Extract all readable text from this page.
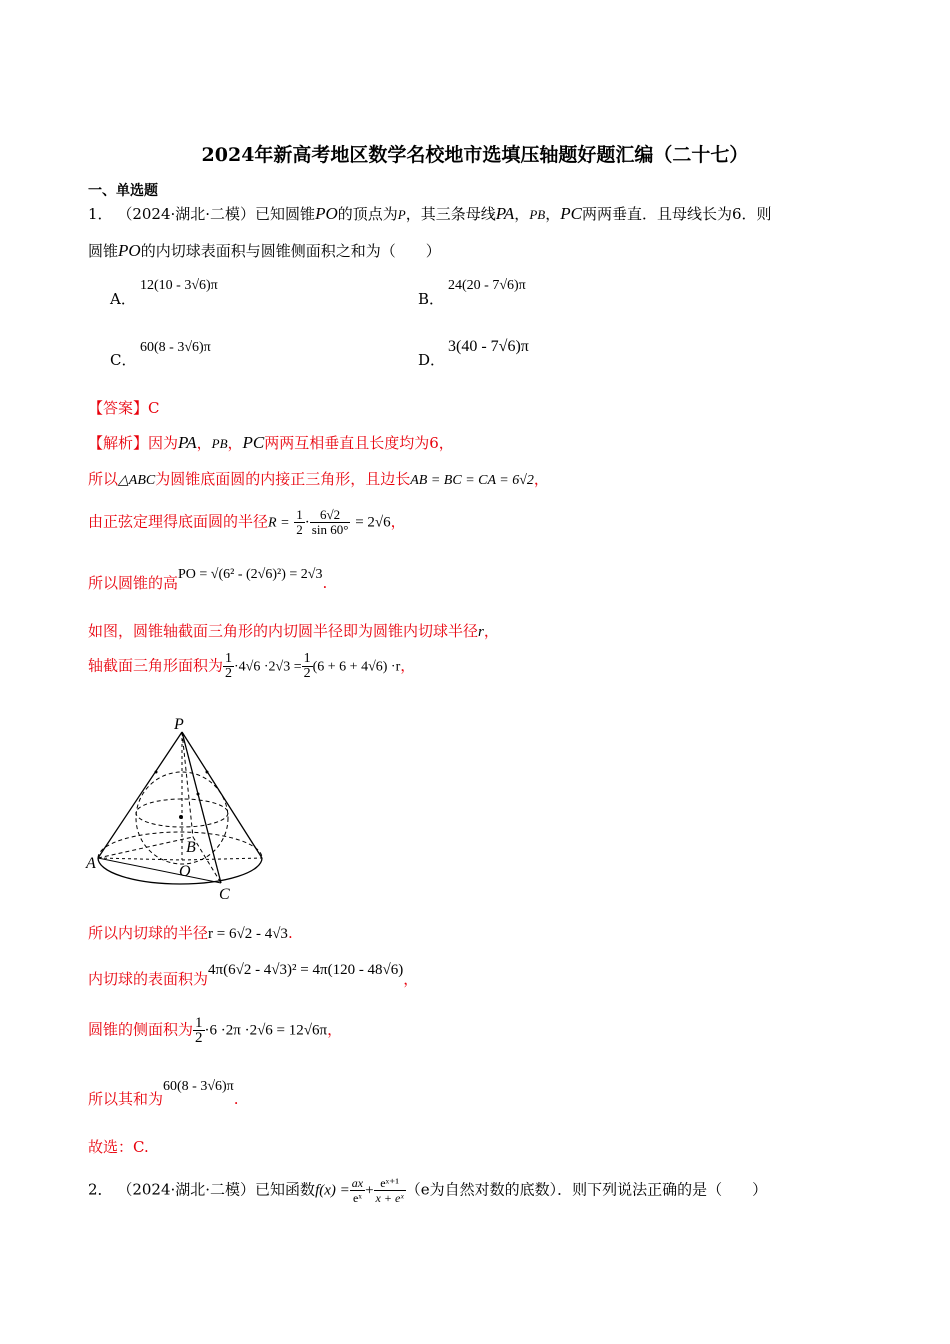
2024年新高考地区数学名校地市选填压轴题好题汇编（二十七）
一、单选题
1． （2024·湖北·二模）已知圆锥PO的顶点为P，其三条母线PA，PB，PC两两垂直．且母线长为6．则
圆锥PO的内切球表面积与圆锥侧面积之和为（　　）
A．
12(10 - 3√6)π
B．
24(20 - 7√6)π
C．
60(8 - 3√6)π
D．
3(40 - 7√6)π
【答案】C
【解析】因为PA，PB，PC两两互相垂直且长度均为6，
所以△ABC为圆锥底面圆的内接正三角形，且边长AB = BC = CA = 6√2，
由正弦定理得底面圆的半径$R = \frac{1}{2} \cdot \frac{6√2}{\sin 60^\circ} = 2√6$，
所以圆锥的高PO = √(6² - (2√6)²) = 2√3.
如图，圆锥轴截面三角形的内切圆半径即为圆锥内切球半径r，
轴截面三角形面积为 $\frac{1}{2} \cdot 4√6 \cdot 2√3 = \frac{1}{2} (6 + 6 + 4√6) \cdot r$，
P
A
B
O
C
所以内切球的半径r = 6√2 - 4√3.
内切球的表面积为4π(6√2 - 4√3)² = 4π(120 - 48√6)，
圆锥的侧面积为 $\frac{1}{2} \cdot 6 \cdot 2\pi \cdot 2√6 = 12√6\pi$，
所以其和为60(8 - 3√6)π.
故选：C.
2． （2024·湖北·二模）已知函数$f(x) = \frac{ax}{\text{eˣ}} + \frac{\text{eˣ⁺¹}}{\text{x + eˣ}} (e$为自然对数的底数）．则下列说法正确的是（　　）
